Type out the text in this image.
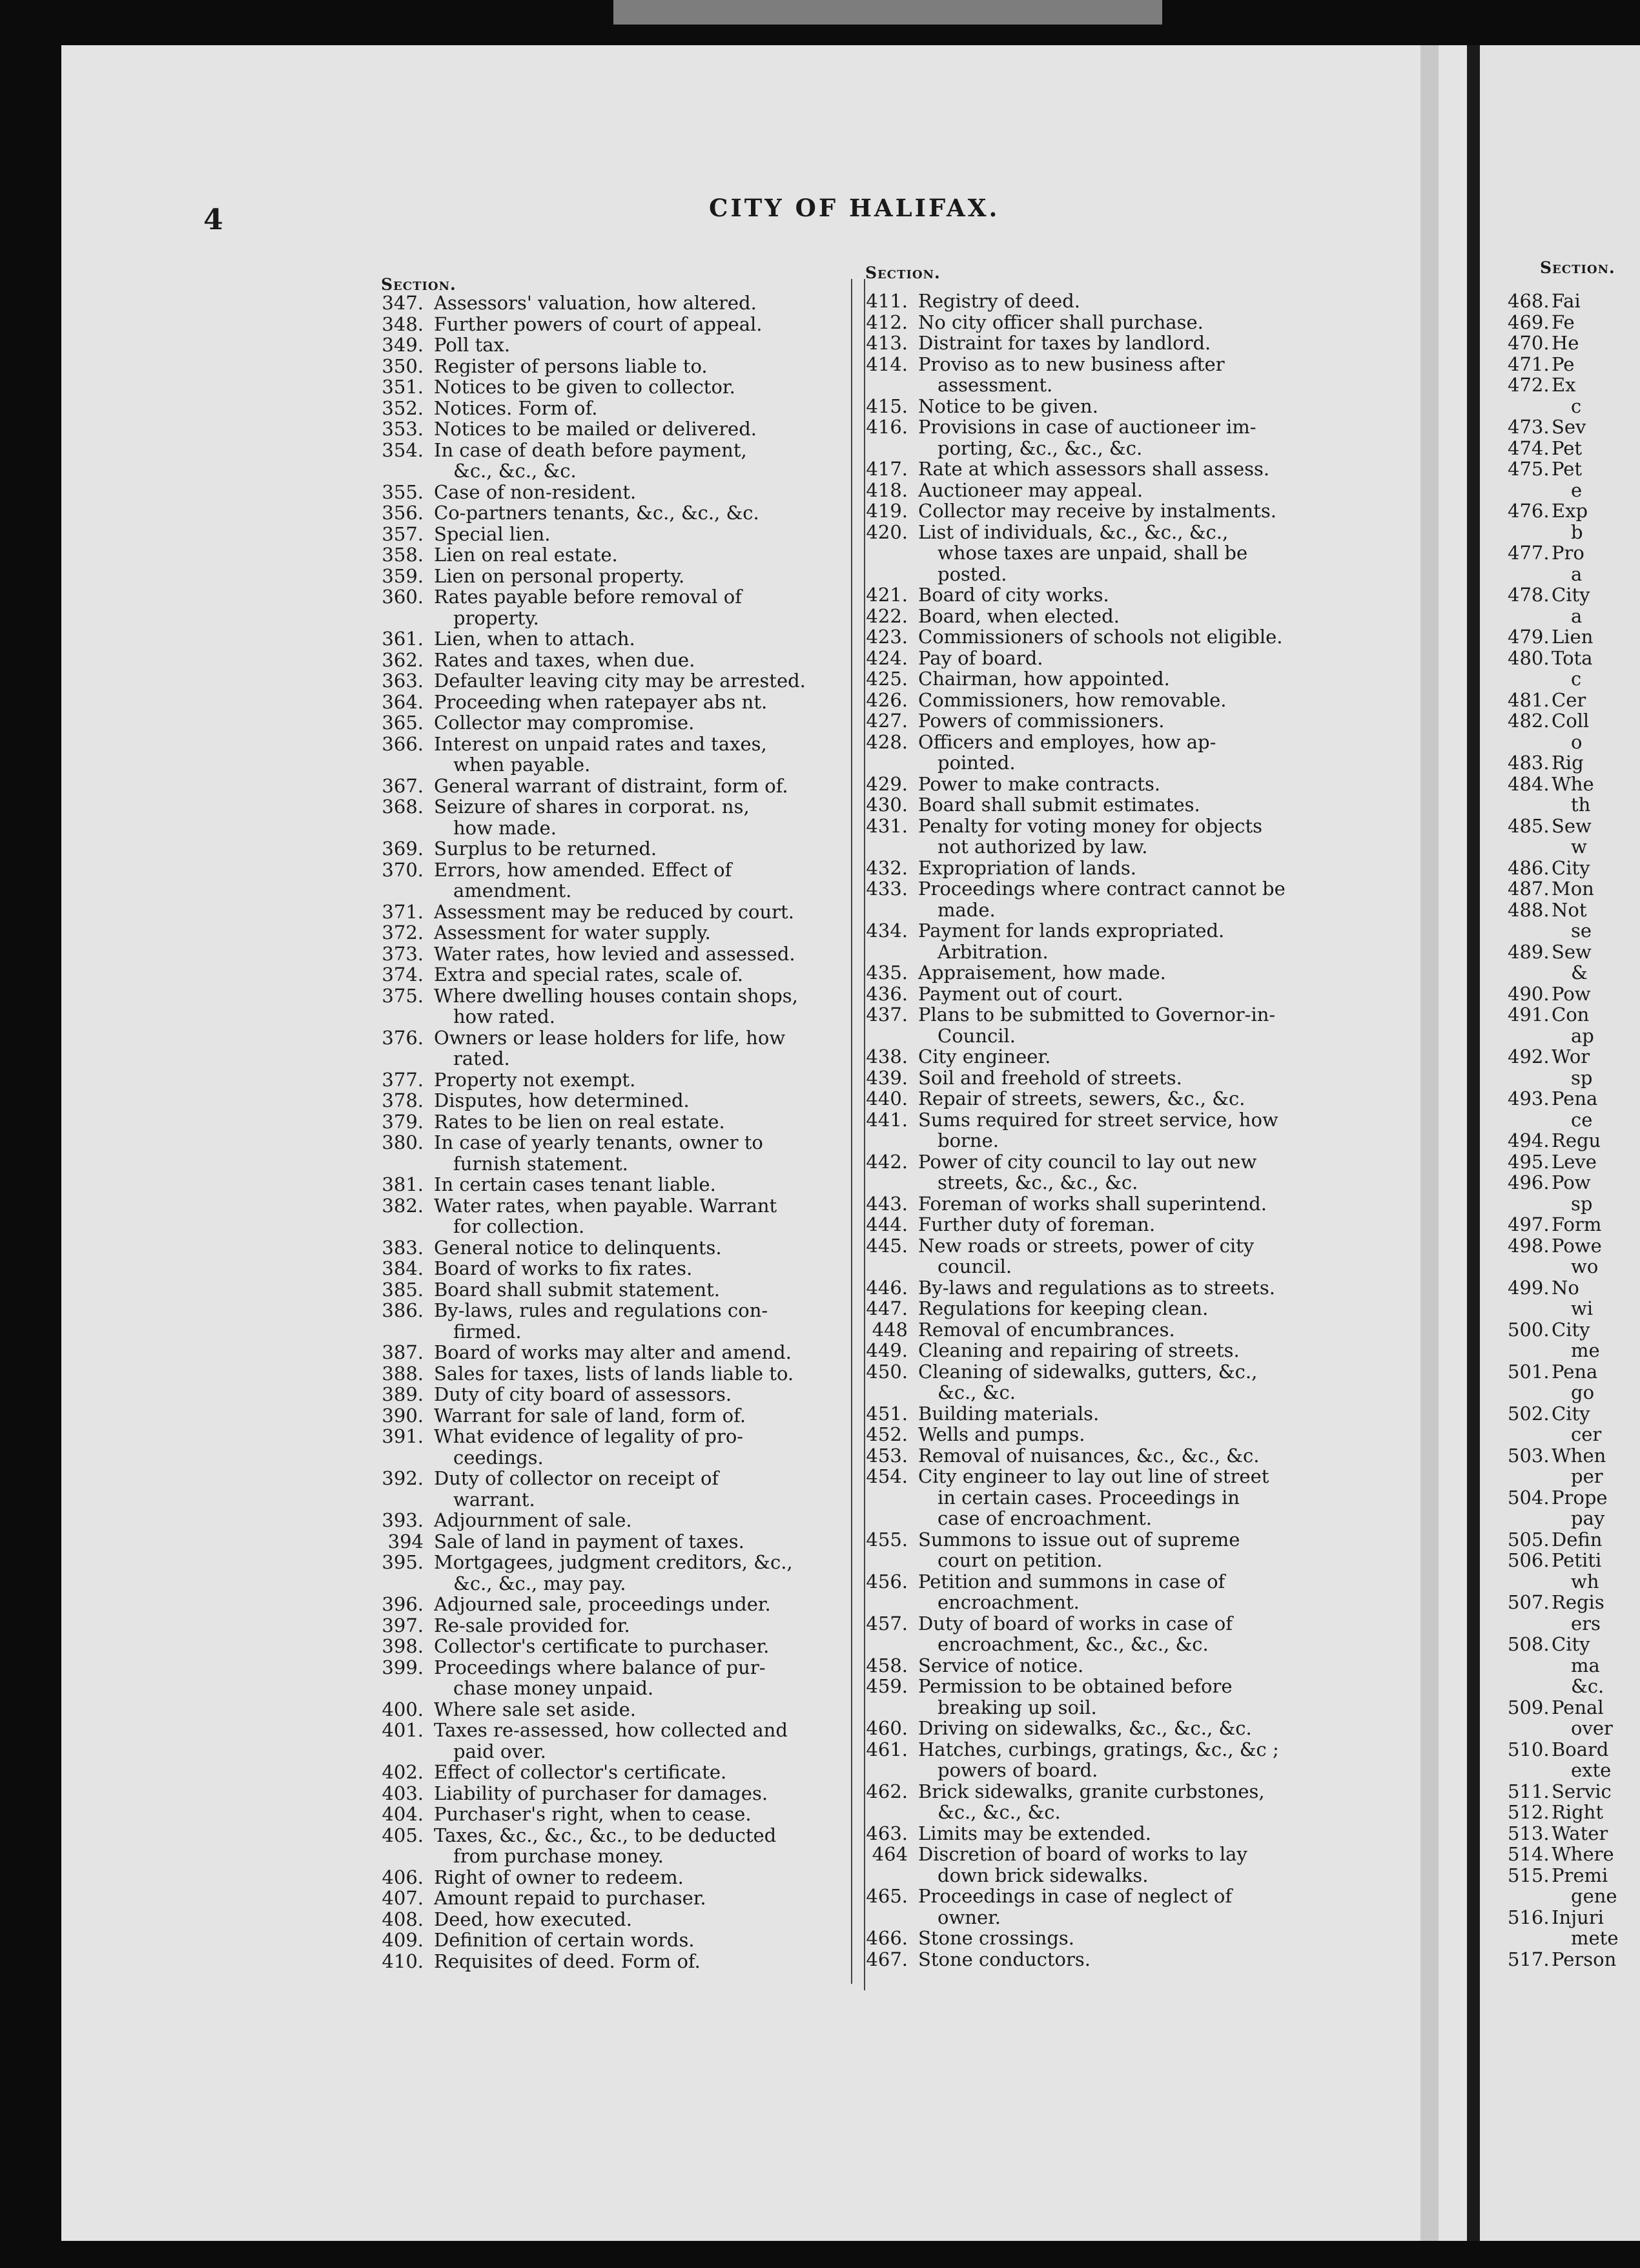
4	CITY OF HALIFAX.
Section.
Section.	Section.
347. Assessors' valuation, how altered.
348. Further powers of court of appeal.
349. Poll tax.
350. Register of persons liable to.
351. Notices to be given to collector.
352. Notices. Form of.
353. Notices to be mailed or delivered.
354. In case of death before payment,
&c., &c., &c.
355. Case of non-resident.
356. Co-partners tenants, &c., &c., &c.
357. Special lien.
358. Lien on real estate.
359. Lien on personal property.
360. Rates payable before removal of
property.
361. Lien, when to attach.
362. Rates and taxes, when due.
363. Defaulter leaving city may be arrested.
364. Proceeding when ratepayer abs nt.
365. Collector may compromise.
366. Interest on unpaid rates and taxes,
when payable.
367. General warrant of distraint, form of.
368. Seizure of shares in corporat. ns,
how made.
369. Surplus to be returned.
370. Errors, how amended. Effect of
amendment.
371. Assessment may be reduced by court.
372. Assessment for water supply.
373. Water rates, how levied and assessed.
374. Extra and special rates, scale of.
375. Where dwelling houses contain shops,
how rated.
376. Owners or lease holders for life, how
rated.
377. Property not exempt.
378. Disputes, how determined.
379. Rates to be lien on real estate.
380. In case of yearly tenants, owner to
furnish statement.
381. In certain cases tenant liable.
382. Water rates, when payable. Warrant
for collection.
383. General notice to delinquents.
384. Board of works to fix rates.
385. Board shall submit statement.
386. By-laws, rules and regulations con-
firmed.
387. Board of works may alter and amend.
388. Sales for taxes, lists of lands liable to.
389. Duty of city board of assessors.
390. Warrant for sale of land, form of.
391. What evidence of legality of pro-
ceedings.
392. Duty of collector on receipt of
warrant.
393. Adjournment of sale.
394 Sale of land in payment of taxes.
395. Mortgagees, judgment creditors, &c.,
&c., &c., may pay.
396. Adjourned sale, proceedings under.
397. Re-sale provided for.
398. Collector's certificate to purchaser.
399. Proceedings where balance of pur-
chase money unpaid.
400. Where sale set aside.
401. Taxes re-assessed, how collected and
paid over.
402. Effect of collector's certificate.
403. Liability of purchaser for damages.
404. Purchaser's right, when to cease.
405. Taxes, &c., &c., &c., to be deducted
from purchase money.
406. Right of owner to redeem.
407. Amount repaid to purchaser.
408. Deed, how executed.
409. Definition of certain words.
410. Requisites of deed. Form of.
411. Registry of deed.
412. No city officer shall purchase.
413. Distraint for taxes by landlord.
414. Proviso as to new business after
assessment.
415. Notice to be given.
416. Provisions in case of auctioneer im-
porting, &c., &c., &c.
417. Rate at which assessors shall assess.
418. Auctioneer may appeal.
419. Collector may receive by instalments.
420. List of individuals, &c., &c., &c.,
whose taxes are unpaid, shall be
posted.
421. Board of city works.
422. Board, when elected.
423. Commissioners of schools not eligible.
424. Pay of board.
425. Chairman, how appointed.
426. Commissioners, how removable.
427. Powers of commissioners.
428. Officers and employes, how ap-
pointed.
429. Power to make contracts.
430. Board shall submit estimates.
431. Penalty for voting money for objects
not authorized by law.
432. Expropriation of lands.
433. Proceedings where contract cannot be
made.
434. Payment for lands expropriated.
Arbitration.
435. Appraisement, how made.
436. Payment out of court.
437. Plans to be submitted to Governor-in-
Council.
438. City engineer.
439. Soil and freehold of streets.
440. Repair of streets, sewers, &c., &c.
441. Sums required for street service, how
borne.
442. Power of city council to lay out new
streets, &c., &c., &c.
443. Foreman of works shall superintend.
444. Further duty of foreman.
445. New roads or streets, power of city
council.
446. By-laws and regulations as to streets.
447. Regulations for keeping clean.
448 Removal of encumbrances.
449. Cleaning and repairing of streets.
450. Cleaning of sidewalks, gutters, &c.,
&c., &c.
451. Building materials.
452. Wells and pumps.
453. Removal of nuisances, &c., &c., &c.
454. City engineer to lay out line of street
in certain cases. Proceedings in
case of encroachment.
455. Summons to issue out of supreme
court on petition.
456. Petition and summons in case of
encroachment.
457. Duty of board of works in case of
encroachment, &c., &c., &c.
458. Service of notice.
459. Permission to be obtained before
breaking up soil.
460. Driving on sidewalks, &c., &c., &c.
461. Hatches, curbings, gratings, &c., &c ;
powers of board.
462. Brick sidewalks, granite curbstones,
&c., &c., &c.
463. Limits may be extended.
464 Discretion of board of works to lay
down brick sidewalks.
465. Proceedings in case of neglect of
owner.
466. Stone crossings.
467. Stone conductors.
468. Fai
469. Fe
470. He
471. Pe
472. Ex
c
473. Sev
474. Pet
475. Pet
e
476. Exp
b
477. Pro
a
478. City
a
479. Lien
480. Tota
c
481. Cer
482. Coll
o
483. Rig
484. Whe
th
485. Sew
w
486. City
487. Mon
488. Not
se
489. Sew
&
490. Pow
491. Con
ap
492. Wor
sp
493. Pena
ce
494. Regu
495. Leve
496. Pow
sp
497. Form
498. Powe
wo
499. No
wi
500. City
me
501. Pena
go
502. City
cer
503. When
per
504. Prope
pay
505. Defin
506. Petiti
wh
507. Regis
ers
508. City
ma
&c.
509. Penal
over
510. Board
exte
511. Servic
512. Right
513. Water
514. Where
515. Premi
gene
516. Injuri
mete
517. Person
